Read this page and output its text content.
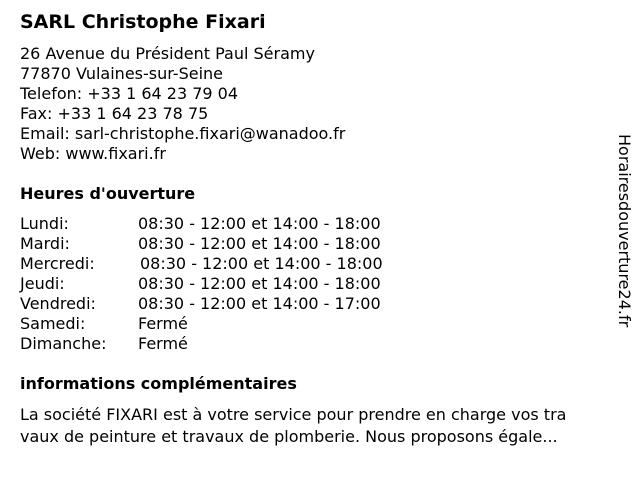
SARL Christophe Fixari
26 Avenue du Président Paul Séramy
77870 Vulaines-sur-Seine
Telefon: +33 1 64 23 79 04
Fax: +33 1 64 23 78 75
Email: sarl-christophe.fixari@wanadoo.fr
Web: www.fixari.fr
Heures d'ouverture
Lundi:	08:30 - 12:00 et 14:00 - 18:00
Mardi:	08:30 - 12:00 et 14:00 - 18:00
Mercredi:	08:30 - 12:00 et 14:00 - 18:00
Jeudi:	08:30 - 12:00 et 14:00 - 18:00
Vendredi:	08:30 - 12:00 et 14:00 - 17:00
Samedi:	Fermé
Dimanche: Fermé
informations complémentaires
La société FIXARI est à votre service pour prendre en charge vos tra
vaux de peinture et travaux de plomberie. Nous proposons égale...
Horairesdouverture24.fr
